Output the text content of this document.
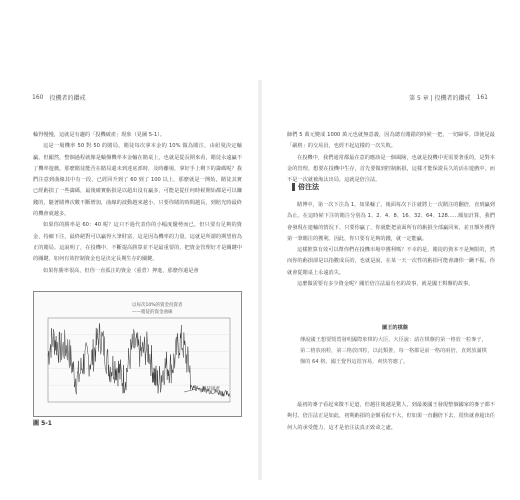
160 投機者的鑽戒

輪得慢慢，這就是有趣的「投機破產」現象（見圖 5-1）。

這是一場機率 50 對 50 的賭局，賭徒每次拿本金的 10% 做為賭注，由紐曼決定輸贏。但顯然，整個過程就像是輪盤機率本金輸在賭桌上，也就是從長期來看，賭徒永遠贏不了機率遊戲。那麼賭徒能否在賭局還未到達底部時，及時離場，拿好手上剩下的籌碼呢？我們注意到曲線其中有一段，已經回升到了 60 到了 100 以上，那麼就是一開始，賭徒其實已經虧損了一些籌碼，最後確實虧損是以超出沒有贏多，可能是從任何時候開始都是可以賺錢的，隨著賭博次數不斷增加，曲線的波動越來越小，只要你賭的時間越長，到賠光時最終的機會就越多。

如果你的勝率是 60：40 呢？這只不過代表你的小幅度優勢而已，但只要有足夠的資金，持續下注，最終絕對可以贏得大筆財富，這是因為機率的力量。這就是所謂的期望值為正的賭局。這說明了，在投機中，不斷提高勝算並不是最重要的，把資金管理好才是關鍵中的關鍵，如何有效控制資金也是決定長期生存的關鍵。

如果你勝率很高，但你一直孤注的資金（重倉）押進，那麼你還是會

以每次10%的資金投資者
——賭徒的資金曲線
賭徒破產
圖 5-1
第 5 章 | 投機者的鑽戒 161

師們 5 萬元變成 1000 萬元也就無意義，因為總有賭錯的時候一把，一切歸零。即使是最「嚴格」的交易員，也經不起這樣的一次失敗。

在投機中，我們通常都最在意的應該是一個風險，也就是投機中更需要著重的，是對本金的管理。想要在投機中生存，首先要做到控制虧損，這樣才能保證長久的活在遊戲中，而不是一次就被淘汰出局。這就是倍注法。

倍注法

賭博中，第一次下注為 1，如果輸了，後面每次下注就將上一次賭注的翻倍，直到贏到為止。在這時候下注的賭注分別為 1、2、4、8、16、32、64、128……順加計算，我們會發現在連輸的情況下，只要你贏了，你就能把前面所有的虧損全部贏回來，並且額外獲得第一筆賭注的獲利。因此，你只要有足夠的錢，就一定能贏。

這樣推算有效可以幫你們在投機市場中獲利嗎？不幸的是，賭徒的資本不是無限的，然而你的虧損卻是以指數成長的，也就是說，在某一天一次性的虧損可能會讓你一蹶不振，你就會從賭桌上永遠消失。

這麼做需要有多少資金呢？關於倍注法最有名的故事，就是國王棋盤的故事。

圖王的棋盤
傳說國王想要獎賞發明國際象棋的大臣，大臣說：請在棋盤的第一格放一粒麥子，第二格放兩粒，第三格放四粒，以此類推，每一格都是前一格的兩倍，直到放滿棋盤的 64 格。國王覺得這很容易，爽快答應了。

最初的麥子看起來微不足道，但越往後越是驚人，到最後國王發現整個國家的麥子都不夠付。倍注法正是如此，初期虧損的金額看似不大，但如果一直翻倍下去，很快就會超出任何人的承受能力，這才是倍注法真正致命之處。
